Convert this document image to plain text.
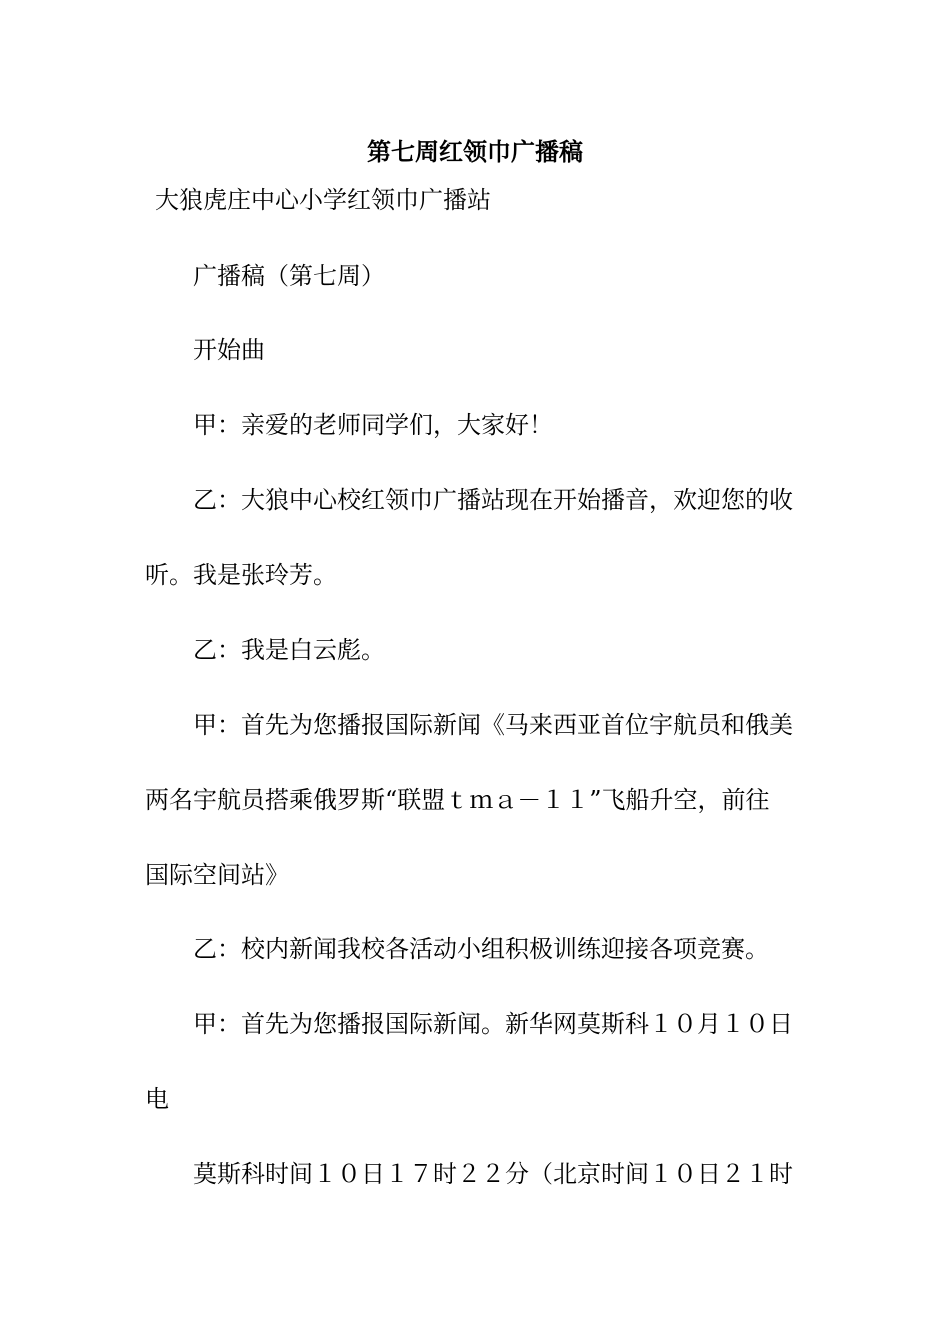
第七周红领巾广播稿
大狼虎庄中心小学红领巾广播站
广播稿（第七周）
开始曲
甲：亲爱的老师同学们，大家好！
乙：大狼中心校红领巾广播站现在开始播音，欢迎您的收
听。我是张玲芳。
乙：我是白云彪。
甲：首先为您播报国际新闻《马来西亚首位宇航员和俄美
两名宇航员搭乘俄罗斯“联盟ｔｍａ－１１”飞船升空，前往
国际空间站》
乙：校内新闻我校各活动小组积极训练迎接各项竞赛。
甲：首先为您播报国际新闻。新华网莫斯科１０月１０日
电
莫斯科时间１０日１７时２２分（北京时间１０日２１时
